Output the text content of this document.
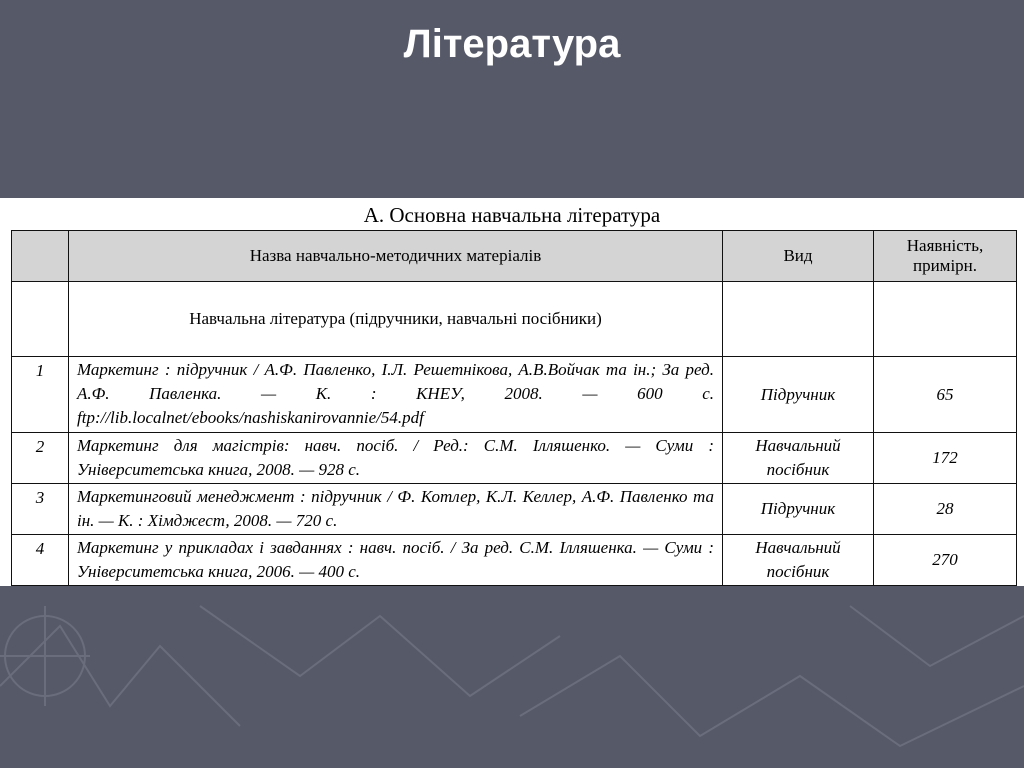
Література
А. Основна навчальна література
	Назва навчально-методичних матеріалів	Вид	Наявність, примірн.
	Навчальна література (підручники, навчальні посібники)		
1	Маркетинг : підручник / А.Ф. Павленко, І.Л. Решетнікова, А.В.Войчак та ін.; За ред. А.Ф. Павленка. — К. : КНЕУ, 2008. — 600 с. ftp://lib.localnet/ebooks/nashiskanirovannie/54.pdf	Підручник	65
2	Маркетинг для магістрів: навч. посіб. / Ред.: С.М. Ілляшенко. — Суми : Університетська книга, 2008. — 928 с.	Навчальний посібник	172
3	Маркетинговий менеджмент : підручник / Ф. Котлер, К.Л. Келлер, А.Ф. Павленко та ін. — К. : Хімджест, 2008. — 720 с.	Підручник	28
4	Маркетинг у прикладах і завданнях : навч. посіб. / За ред. С.М. Ілляшенка. — Суми : Університетська книга, 2006. — 400 с.	Навчальний посібник	270
